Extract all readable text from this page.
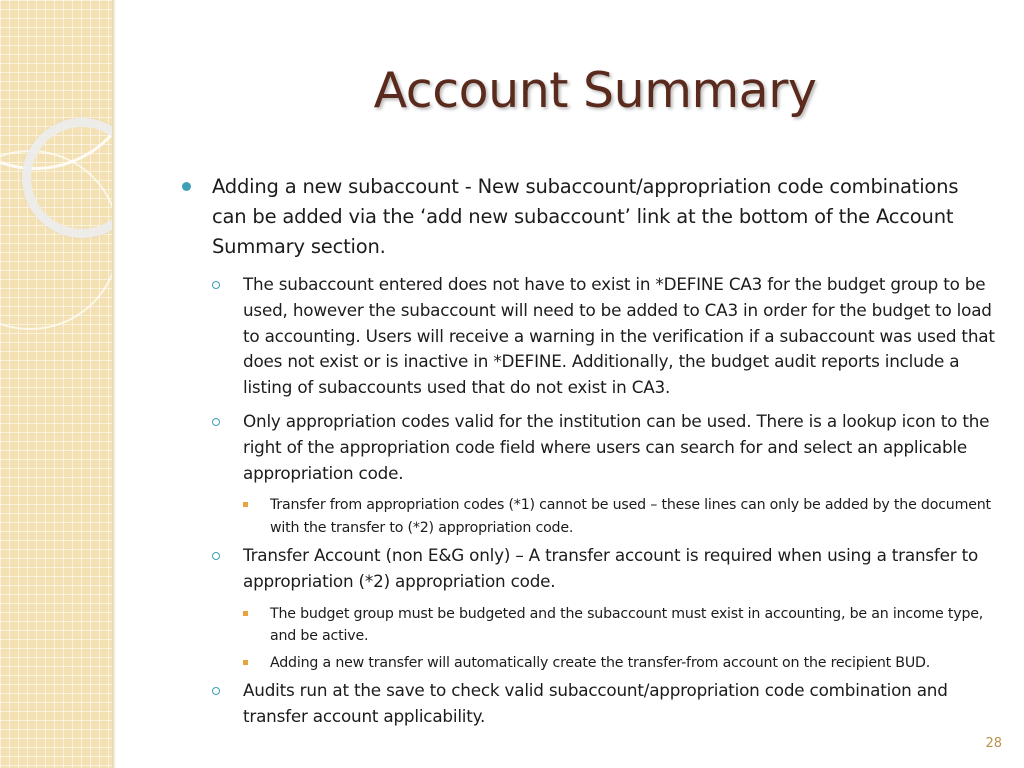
Account Summary
Adding a new subaccount - New subaccount/appropriation code combinations can be added via the ‘add new subaccount’ link at the bottom of the Account Summary section.
The subaccount entered does not have to exist in *DEFINE CA3 for the budget group to be used, however the subaccount will need to be added to CA3 in order for the budget to load to accounting. Users will receive a warning in the verification if a subaccount was used that does not exist or is inactive in *DEFINE. Additionally, the budget audit reports include a listing of subaccounts used that do not exist in CA3.
Only appropriation codes valid for the institution can be used. There is a lookup icon to the right of the appropriation code field where users can search for and select an applicable appropriation code.
Transfer from appropriation codes (*1) cannot be used – these lines can only be added by the document with the transfer to (*2) appropriation code.
Transfer Account (non E&G only) – A transfer account is required when using a transfer to appropriation (*2) appropriation code.
The budget group must be budgeted and the subaccount must exist in accounting, be an income type, and be active.
Adding a new transfer will automatically create the transfer-from account on the recipient BUD.
Audits run at the save to check valid subaccount/appropriation code combination and transfer account applicability.
28
